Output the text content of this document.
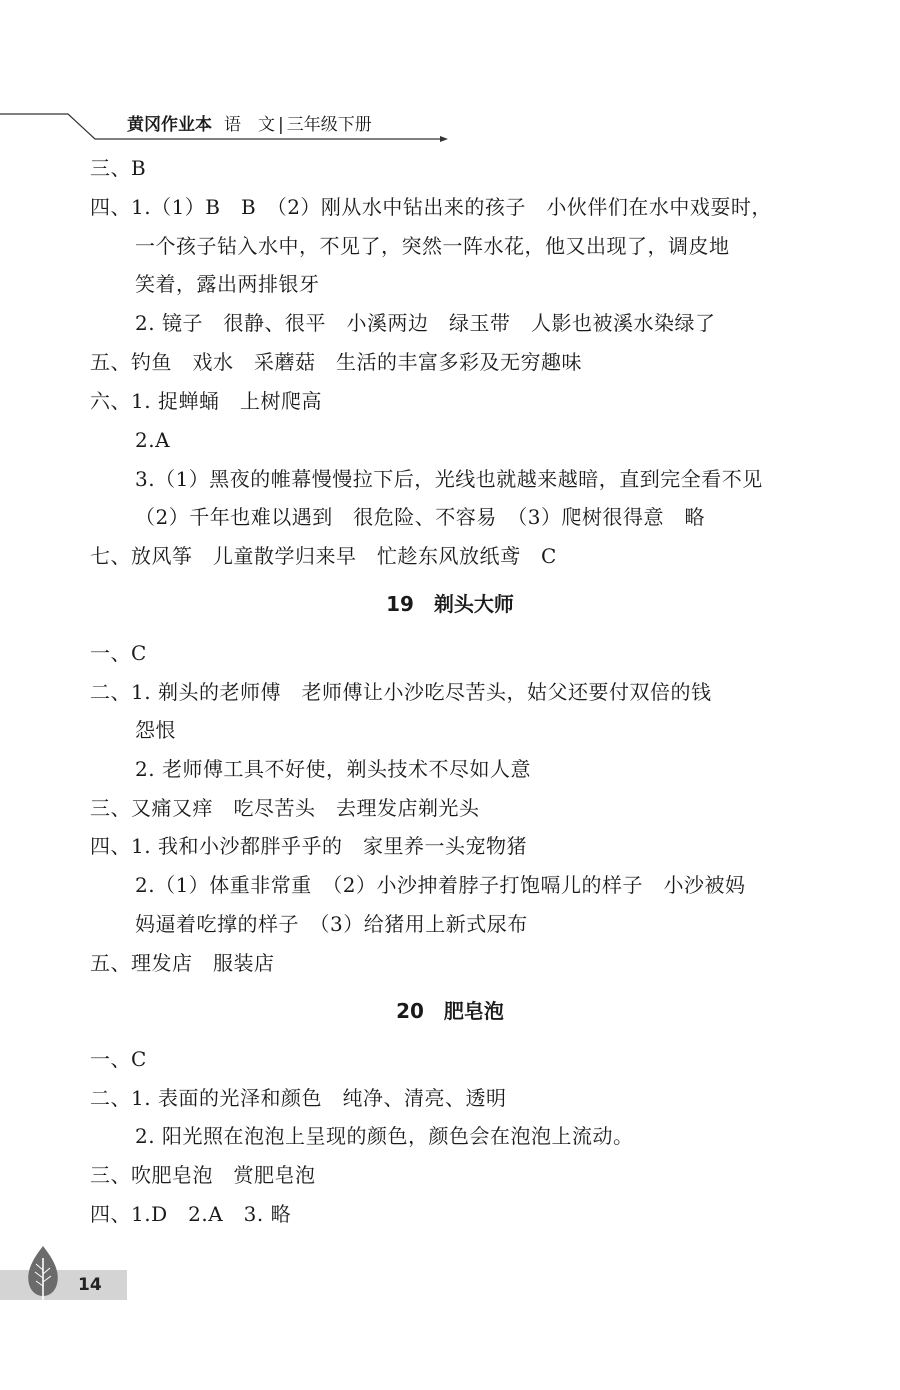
黄冈作业本 语　文 | 三年级下册
三、B
四、1.（1）B　B　（2）刚从水中钻出来的孩子　小伙伴们在水中戏耍时，
一个孩子钻入水中，不见了，突然一阵水花，他又出现了，调皮地
笑着，露出两排银牙
2. 镜子　很静、很平　小溪两边　绿玉带　人影也被溪水染绿了
五、钓鱼　戏水　采蘑菇　生活的丰富多彩及无穷趣味
六、1. 捉蝉蛹　上树爬高
2.A
3.（1）黑夜的帷幕慢慢拉下后，光线也就越来越暗，直到完全看不见
（2）千年也难以遇到　很危险、不容易　（3）爬树很得意　略
七、放风筝　儿童散学归来早　忙趁东风放纸鸢　C
19　剃头大师
一、C
二、1. 剃头的老师傅　老师傅让小沙吃尽苦头，姑父还要付双倍的钱
怨恨
2. 老师傅工具不好使，剃头技术不尽如人意
三、又痛又痒　吃尽苦头　去理发店剃光头
四、1. 我和小沙都胖乎乎的　家里养一头宠物猪
2.（1）体重非常重　（2）小沙抻着脖子打饱嗝儿的样子　小沙被妈
妈逼着吃撑的样子　（3）给猪用上新式尿布
五、理发店　服装店
20　肥皂泡
一、C
二、1. 表面的光泽和颜色　纯净、清亮、透明
2. 阳光照在泡泡上呈现的颜色，颜色会在泡泡上流动。
三、吹肥皂泡　赏肥皂泡
四、1.D　2.A　3. 略
14
